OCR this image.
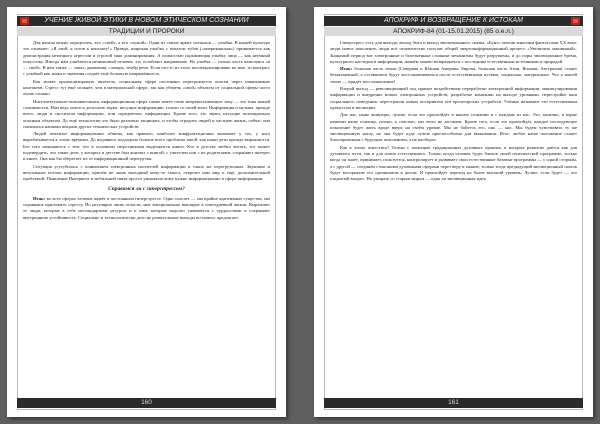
УЧЕНИЕ ЖИВОЙ ЭТИКИ В НОВОМ ЭТИЧЕСКОМ СОЗНАНИИ
ТРАДИЦИИ И ПРОРОКИ

Для начала важно определить, кто «свой», а кто «чужой». Один из самых ярких сигналов — улыбка. В нашей культуре это означает: «Я свой, я готов к контакту!» Правда, широкая улыбка с показом зубов («американская») принимается как демонстрация немецкого агрессии и угрозой знак доминирования. А полностью скрывающая улыбку лица — как неумный покусочку. Иногда нам улыбаются незнакомый человек, это ослабляет напряжение. Но улыбка — только часть комплекса «я — свой». В нём также — запах, движения, словарь, тембр речи. Если что-то из этого коллекционировано во мне, то контраст с улыбкой как знака и значения создаёт ещё большую напряжённость.

Как может проанализировать читатель, социальная сфера постоянно перегружается опасен через навязывание контактов. Стресс тут ещё сильнее, чем в материальной сфере, так как уберечь «свой» объекты от социальной сферы часто очень сложно.

Интеллектуально-познавательная, информационная сфера также имеет свою непрекосновенную зону — это зона нашей слышимости. Нам ведь хочется допускать звуки, несущие информацию, только со своей воли. Информация и музыка, прежде всего, люди и «носители информации», или «предметов» информации. Кроме того, это звуки, несущие потенциально опасным объектом. До ещё технологии это было различно защищать, и чтобы оградить людей и частную жизнь, сейчас они сменились нашими вещами других технических устройств.

Людей печатное информационное обмена, как правило, наиболее конфронтационно вызывает у тех, у кого вырабатывается к этому времени. До недавнего подходила больше всего проблема такой: как наши дети прежде выражаются. Без того начинаются с тем, что в основном сверстниками выделяются книги. Кто в детстве любил читать, тот может подтвердить, что такие дети, у которых в детстве был контакт с книгой, с учителем или с их родителями, сохраняют интерес к книге. Она как бы оберегает их от информационной перегрузки.

Ситуация усугубилась с появлением электронных носителей информации и таких же перегрузочных. Звуковые и визуальные потоки информации, причём не лишь выгодный кому-то смысл, откроют нам мир и ещё, дополнительной проблемой. Появление Интернета и мобильной связи просто умножило кому нужно информационно в сфере информации.

Справимся ли с гиперстрессом?

Итак: во всех сферах человек живёт в постоянном гиперстрессе. Одно спасает — мы крайне адаптивные существа, мы справимся приложить стрессу. Но регулярно лишь отчасти, мне эмоционально выглядит в повседневной жизни. Выражают те люди, которые в себе нестандартные ресурсы и к ним, которые надолго уживаются с трудностями и сохраняют внутреннюю устойчивость. Социально и технологически дело не решительные выходы по-нового предлагает.

160
АПОКРИФ И ВОЗВРАЩЕНИЕ К ИСТОКАМ
АПОКРИФ-84 (01-15.01.2015) (85 о.е.л.)

Гиперстресс есть для выхода: выход быта и выход эволюционного скачка. «Бунт» описан многими фантастами XX века: люди новое поколение, люди всё человечество получат общий энергоинформационный процесс «Увеличить машинный». Знакомый период вот электронные и болезненные сложные механизмы будут разрушены, и до поры эволюционное бремя, культурного наследия и информации, начнём заново возвращаться с последним естественным источникам и природой.

Итак: большая часть земли (Северная и Южная Америка, Европа, большая часть Азии, Япония, Австралия) станет безжизненной, а оставшиеся будут восстанавливаться после естественными путями, социально, материально. Что к нашей земле — придёт восстановление!

Второй выход — революционный под прямое воздействием переработки электронной информации, манипулирования информации и внедрение новых электронных устройств, разработке компании на выходе уровнями, перестройке наш социального поведения, перестроили новых восприятия эти пролетарских устройств. Учёные называют это естественным процессом в эволюции.

Для нас, ныне живущих, лучше, если это произойдёт в нашем сознании и с каждым из нас. Это, конечно, в корне изменит нашу психику, только, к счастью, мы этого не застанем. Кроме того, если это произойдёт, каждое последующее поколение будет жить вроде вверх на своём уровне. Мы не бойтесь его, оно — нас. Мы будем чувствовать ту же эволюционную ношу, но она будет куда лучше приспособлена для выживания. Итог: любое наше положение станет благоприятным с будущим поколением, а не наоборот.

Как к этому отнестись? Только с помощью традиционных духовных практик, в которых развитие даётся как для духовного пути, так и для плана естественного. Только когда человек будет близок своей генетической программе, только когда он знает, принимает, пользуется, контролирует и развивает свои естественные базовые программы — с одной стороны, а с другой — соединён с высшими духовными сферами через веру и знание, только тогда предыдущий эволюционный скачок будет восприятие его организмом в целом. И произойдёт переход на более высокий уровень. Лучше, если будет — это открытый вопрос. Но умирать со старым миром — одна ли эволюционная идея.

161
